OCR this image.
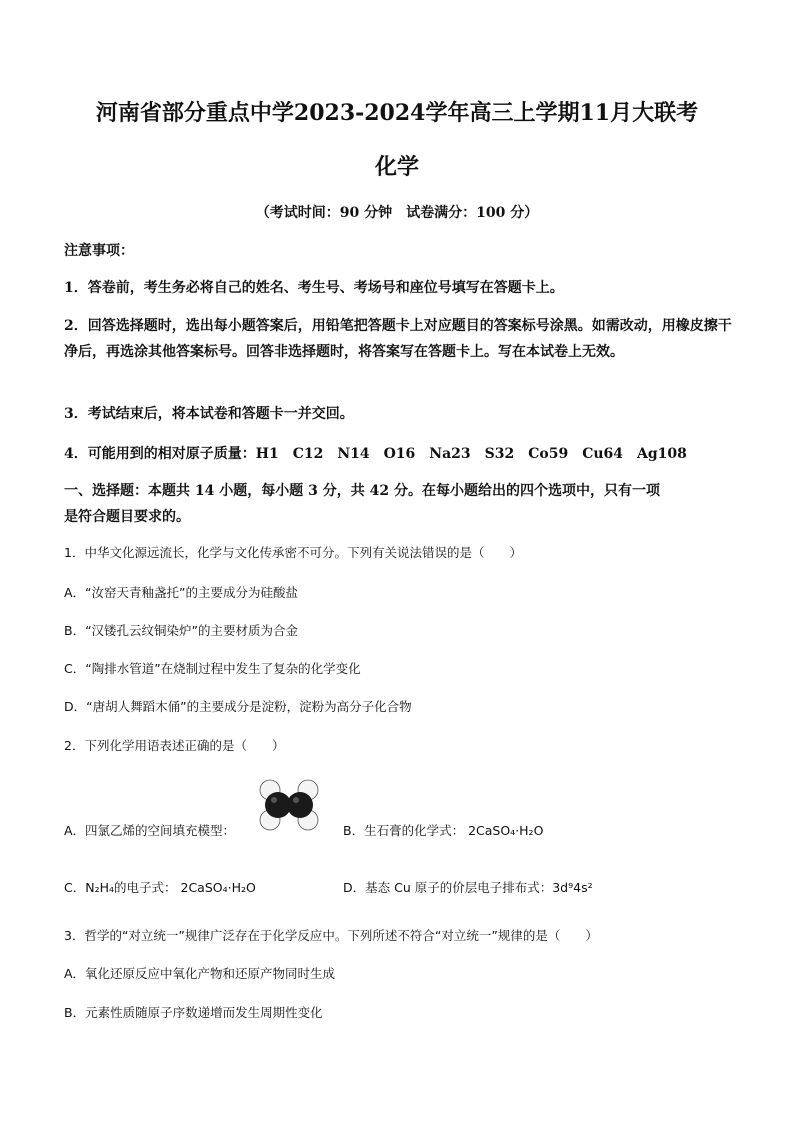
河南省部分重点中学2023-2024学年高三上学期11月大联考
化学
（考试时间：90 分钟　试卷满分：100 分）
注意事项：
1．答卷前，考生务必将自己的姓名、考生号、考场号和座位号填写在答题卡上。
2．回答选择题时，选出每小题答案后，用铅笔把答题卡上对应题目的答案标号涂黑。如需改动，用橡皮擦干净后，再选涂其他答案标号。回答非选择题时，将答案写在答题卡上。写在本试卷上无效。
3．考试结束后，将本试卷和答题卡一并交回。
4．可能用到的相对原子质量：H1　C12　N14　O16　Na23　S32　Co59　Cu64　Ag108
一、选择题：本题共 14 小题，每小题 3 分，共 42 分。在每小题给出的四个选项中，只有一项
是符合题目要求的。
1．中华文化源远流长，化学与文化传承密不可分。下列有关说法错误的是（　　）
A．“汝窑天青釉盏托”的主要成分为硅酸盐
B．“汉镂孔云纹铜染炉”的主要材质为合金
C．“陶排水管道”在烧制过程中发生了复杂的化学变化
D．“唐胡人舞蹈木俑”的主要成分是淀粉，淀粉为高分子化合物
2．下列化学用语表述正确的是（　　）
A．四氯乙烯的空间填充模型：	B．生石膏的化学式： 2CaSO₄·H₂O
C．N₂H₄的电子式： 2CaSO₄·H₂O	D．基态 Cu 原子的价层电子排布式：3d⁹4s²
3．哲学的“对立统一”规律广泛存在于化学反应中。下列所述不符合“对立统一”规律的是（　　）
A．氧化还原反应中氧化产物和还原产物同时生成
B．元素性质随原子序数递增而发生周期性变化
